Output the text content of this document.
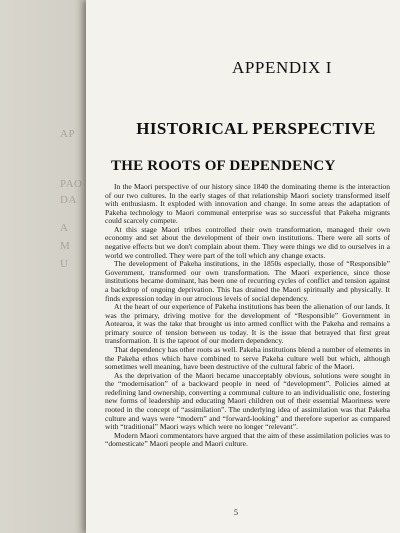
AP
PAO
DA
A
M
U
APPENDIX I
HISTORICAL PERSPECTIVE
THE ROOTS OF DEPENDENCY

In the Maori perspective of our history since 1840 the dominating theme is the interaction of our two cultures. In the early stages of that relationship Maori society transformed itself with enthusiasm. It exploded with innovation and change. In some areas the adaptation of Pakeha technology to Maori communal enterprise was so successful that Pakeha migrants could scarcely compete.

At this stage Maori tribes controlled their own transformation, managed their own economy and set about the development of their own institutions. There were all sorts of negative effects but we don't complain about them. They were things we did to ourselves in a world we controlled. They were part of the toll which any change exacts.

The development of Pakeha institutions, in the 1850s especially, those of “Responsible” Government, transformed our own transformation. The Maori experience, since those institutions became dominant, has been one of recurring cycles of conflict and tension against a backdrop of ongoing deprivation. This has drained the Maori spiritually and physically. It finds expression today in our atrocious levels of social dependency.

At the heart of our experience of Pakeha institutions has been the alienation of our lands. It was the primary, driving motive for the development of “Responsible” Government in Aotearoa, it was the take that brought us into armed conflict with the Pakeha and remains a primary source of tension between us today. It is the issue that betrayed that first great transformation. It is the taproot of our modern dependency.

That dependency has other roots as well. Pakeha institutions blend a number of elements in the Pakeha ethos which have combined to serve Pakeha culture well but which, although sometimes well meaning, have been destructive of the cultural fabric of the Maori.

As the deprivation of the Maori became unacceptably obvious, solutions were sought in the “modernisation” of a backward people in need of “development”. Policies aimed at redefining land ownership, converting a communal culture to an individualistic one, fostering new forms of leadership and educating Maori children out of their essential Maoriness were rooted in the concept of “assimilation”. The underlying idea of assimilation was that Pakeha culture and ways were “modern” and “forward-looking” and therefore superior as compared with “traditional” Maori ways which were no longer “relevant”.

Modern Maori commentators have argued that the aim of these assimilation policies was to “domesticate” Maori people and Maori culture.

5
